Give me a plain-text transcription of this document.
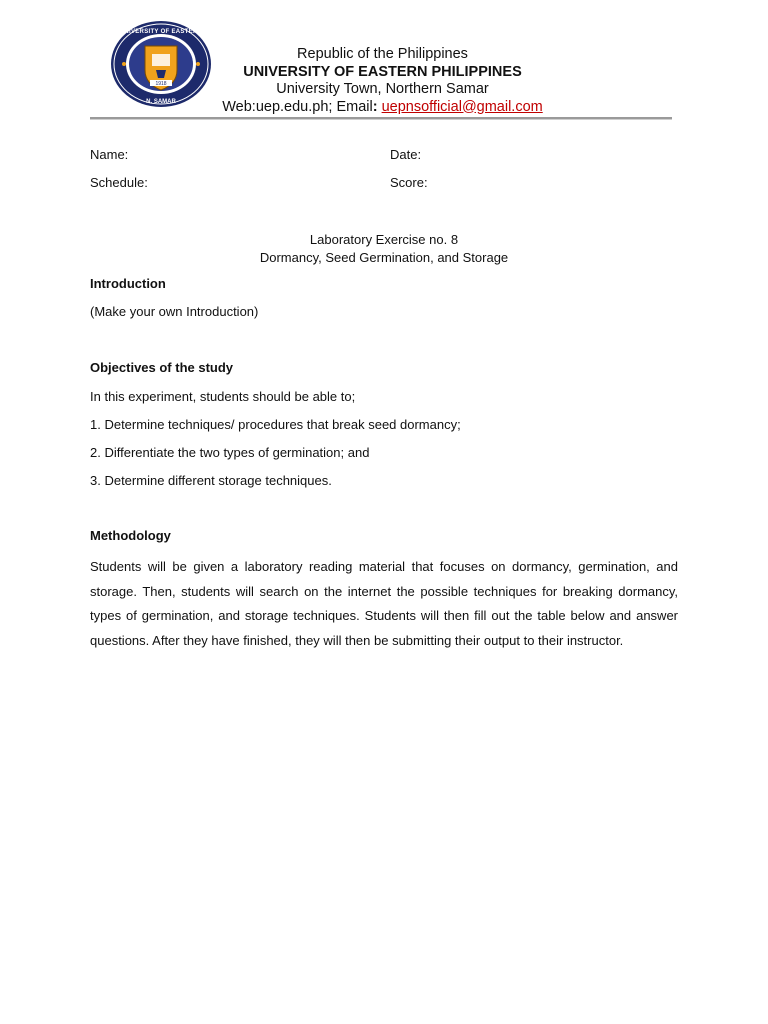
1918
UNIVERSITY OF EASTERN
N. SAMAR
Republic of the Philippines
UNIVERSITY OF EASTERN PHILIPPINES
University Town, Northern Samar
Web:uep.edu.ph; Email: uepnsofficial@gmail.com
Name:	Date:
Schedule:	Score:
Laboratory Exercise no. 8
Dormancy, Seed Germination, and Storage
Introduction
(Make your own Introduction)
Objectives of the study
In this experiment, students should be able to;
1. Determine techniques/ procedures that break seed dormancy;
2. Differentiate the two types of germination; and
3. Determine different storage techniques.
Methodology
Students will be given a laboratory reading material that focuses on dormancy, germination, and storage. Then, students will search on the internet the possible techniques for breaking dormancy, types of germination, and storage techniques. Students will then fill out the table below and answer questions. After they have finished, they will then be submitting their output to their instructor.
